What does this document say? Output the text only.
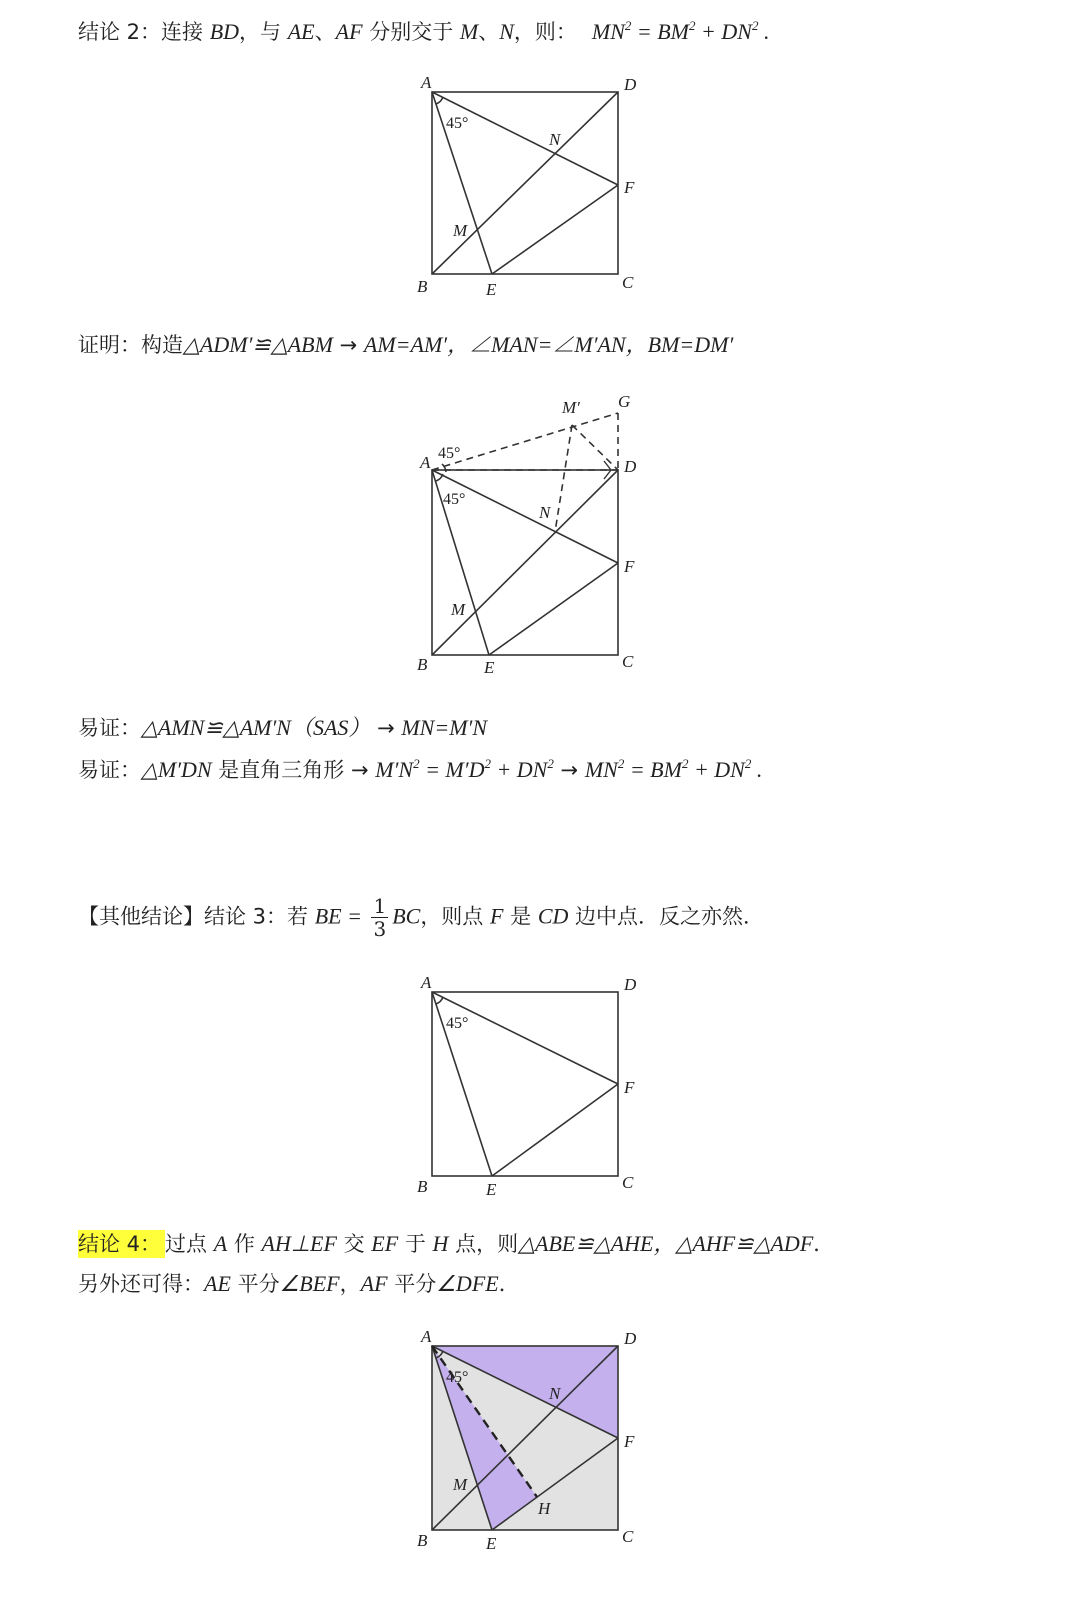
结论 2：连接 BD，与 AE、AF 分别交于 M、N，则： $MN^2 = BM^2 + DN^2$ .
A	D
B	C
E
F
M
N
45°
证明：构造△ADM′≌△ABM → AM=AM′，∠MAN=∠M′AN，BM=DM′
A	D
B	C
E
F
M
N
M′ G
45°
45°
易证：△AMN≌△AM′N（SAS） → MN=M′N
易证：△M′DN 是直角三角形 → $M'N^2 = M'D^2 + DN^2 \to MN^2 = BM^2 + DN^2$ .
【其他结论】结论 3：若 BE = $\frac{1}{3}$ BC，则点 F 是 CD 边中点．反之亦然．
A	D
B	C
E
F
45°
结论 4： 过点 A 作 AH⊥EF 交 EF 于 H 点，则△ABE≌△AHE，△AHF≌△ADF．
另外还可得：AE 平分∠BEF，AF 平分∠DFE．
A	D
B	C
E
F
M
N
H
45°
